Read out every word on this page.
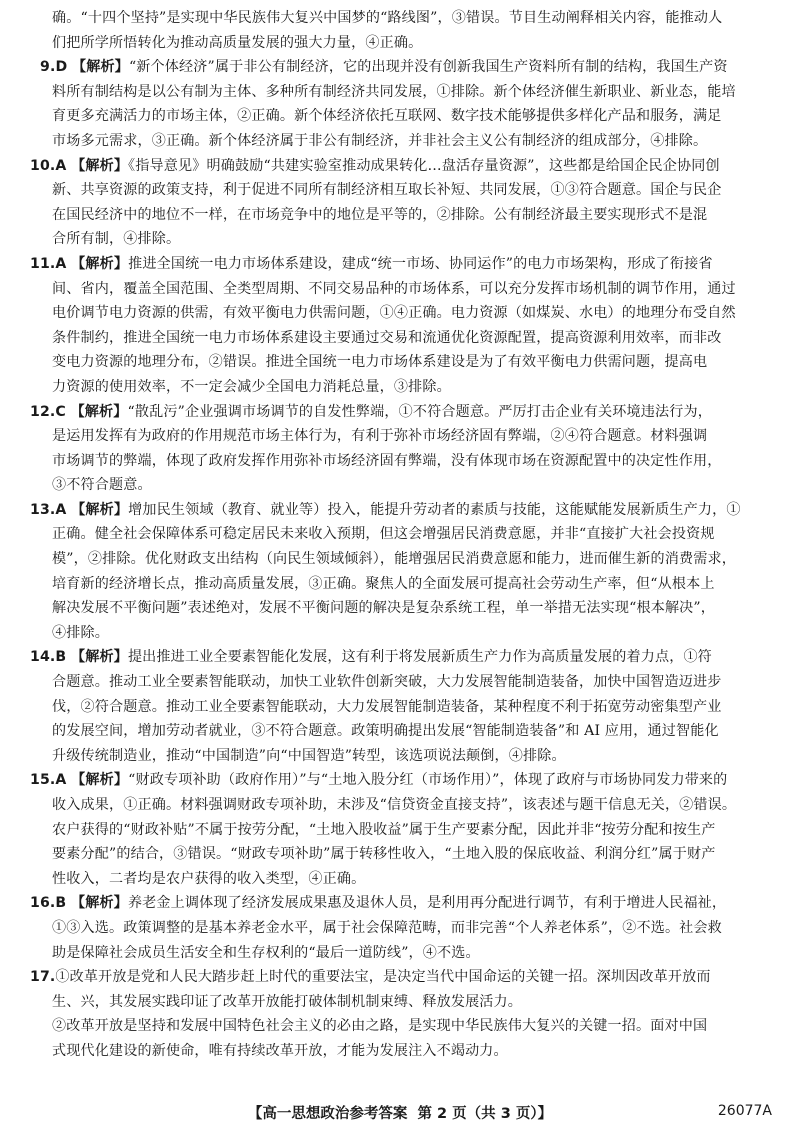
确。“十四个坚持”是实现中华民族伟大复兴中国梦的“路线图”，③错误。节目生动阐释相关内容，能推动人
们把所学所悟转化为推动高质量发展的强大力量，④正确。
9.D 【解析】“新个体经济”属于非公有制经济，它的出现并没有创新我国生产资料所有制的结构，我国生产资
料所有制结构是以公有制为主体、多种所有制经济共同发展，①排除。新个体经济催生新职业、新业态，能培
育更多充满活力的市场主体，②正确。新个体经济依托互联网、数字技术能够提供多样化产品和服务，满足
市场多元需求，③正确。新个体经济属于非公有制经济，并非社会主义公有制经济的组成部分，④排除。
10.A 【解析】《指导意见》明确鼓励“共建实验室推动成果转化…盘活存量资源”，这些都是给国企民企协同创
新、共享资源的政策支持，利于促进不同所有制经济相互取长补短、共同发展，①③符合题意。国企与民企
在国民经济中的地位不一样，在市场竞争中的地位是平等的，②排除。公有制经济最主要实现形式不是混
合所有制，④排除。
11.A 【解析】推进全国统一电力市场体系建设，建成“统一市场、协同运作”的电力市场架构，形成了衔接省
间、省内，覆盖全国范围、全类型周期、不同交易品种的市场体系，可以充分发挥市场机制的调节作用，通过
电价调节电力资源的供需，有效平衡电力供需问题，①④正确。电力资源（如煤炭、水电）的地理分布受自然
条件制约，推进全国统一电力市场体系建设主要通过交易和流通优化资源配置，提高资源利用效率，而非改
变电力资源的地理分布，②错误。推进全国统一电力市场体系建设是为了有效平衡电力供需问题，提高电
力资源的使用效率，不一定会减少全国电力消耗总量，③排除。
12.C 【解析】“散乱污”企业强调市场调节的自发性弊端，①不符合题意。严厉打击企业有关环境违法行为，
是运用发挥有为政府的作用规范市场主体行为，有利于弥补市场经济固有弊端，②④符合题意。材料强调
市场调节的弊端，体现了政府发挥作用弥补市场经济固有弊端，没有体现市场在资源配置中的决定性作用，
③不符合题意。
13.A 【解析】增加民生领域（教育、就业等）投入，能提升劳动者的素质与技能，这能赋能发展新质生产力，①
正确。健全社会保障体系可稳定居民未来收入预期，但这会增强居民消费意愿，并非“直接扩大社会投资规
模”，②排除。优化财政支出结构（向民生领域倾斜），能增强居民消费意愿和能力，进而催生新的消费需求，
培育新的经济增长点，推动高质量发展，③正确。聚焦人的全面发展可提高社会劳动生产率，但“从根本上
解决发展不平衡问题”表述绝对，发展不平衡问题的解决是复杂系统工程，单一举措无法实现“根本解决”，
④排除。
14.B 【解析】提出推进工业全要素智能化发展，这有利于将发展新质生产力作为高质量发展的着力点，①符
合题意。推动工业全要素智能联动，加快工业软件创新突破，大力发展智能制造装备，加快中国智造迈进步
伐，②符合题意。推动工业全要素智能联动，大力发展智能制造装备，某种程度不利于拓宽劳动密集型产业
的发展空间，增加劳动者就业，③不符合题意。政策明确提出发展“智能制造装备”和 AI 应用，通过智能化
升级传统制造业，推动“中国制造”向“中国智造”转型，该选项说法颠倒，④排除。
15.A 【解析】“财政专项补助（政府作用）”与“土地入股分红（市场作用）”，体现了政府与市场协同发力带来的
收入成果，①正确。材料强调财政专项补助，未涉及“信贷资金直接支持”，该表述与题干信息无关，②错误。
农户获得的“财政补贴”不属于按劳分配，“土地入股收益”属于生产要素分配，因此并非“按劳分配和按生产
要素分配”的结合，③错误。“财政专项补助”属于转移性收入，“土地入股的保底收益、利润分红”属于财产
性收入，二者均是农户获得的收入类型，④正确。
16.B 【解析】养老金上调体现了经济发展成果惠及退休人员，是利用再分配进行调节，有利于增进人民福祉，
①③入选。政策调整的是基本养老金水平，属于社会保障范畴，而非完善“个人养老体系”，②不选。社会救
助是保障社会成员生活安全和生存权利的“最后一道防线”，④不选。
17.①改革开放是党和人民大踏步赶上时代的重要法宝，是决定当代中国命运的关键一招。深圳因改革开放而
生、兴，其发展实践印证了改革开放能打破体制机制束缚、释放发展活力。
②改革开放是坚持和发展中国特色社会主义的必由之路，是实现中华民族伟大复兴的关键一招。面对中国
式现代化建设的新使命，唯有持续改革开放，才能为发展注入不竭动力。
【高一思想政治参考答案 第 2 页（共 3 页）】	26077A
